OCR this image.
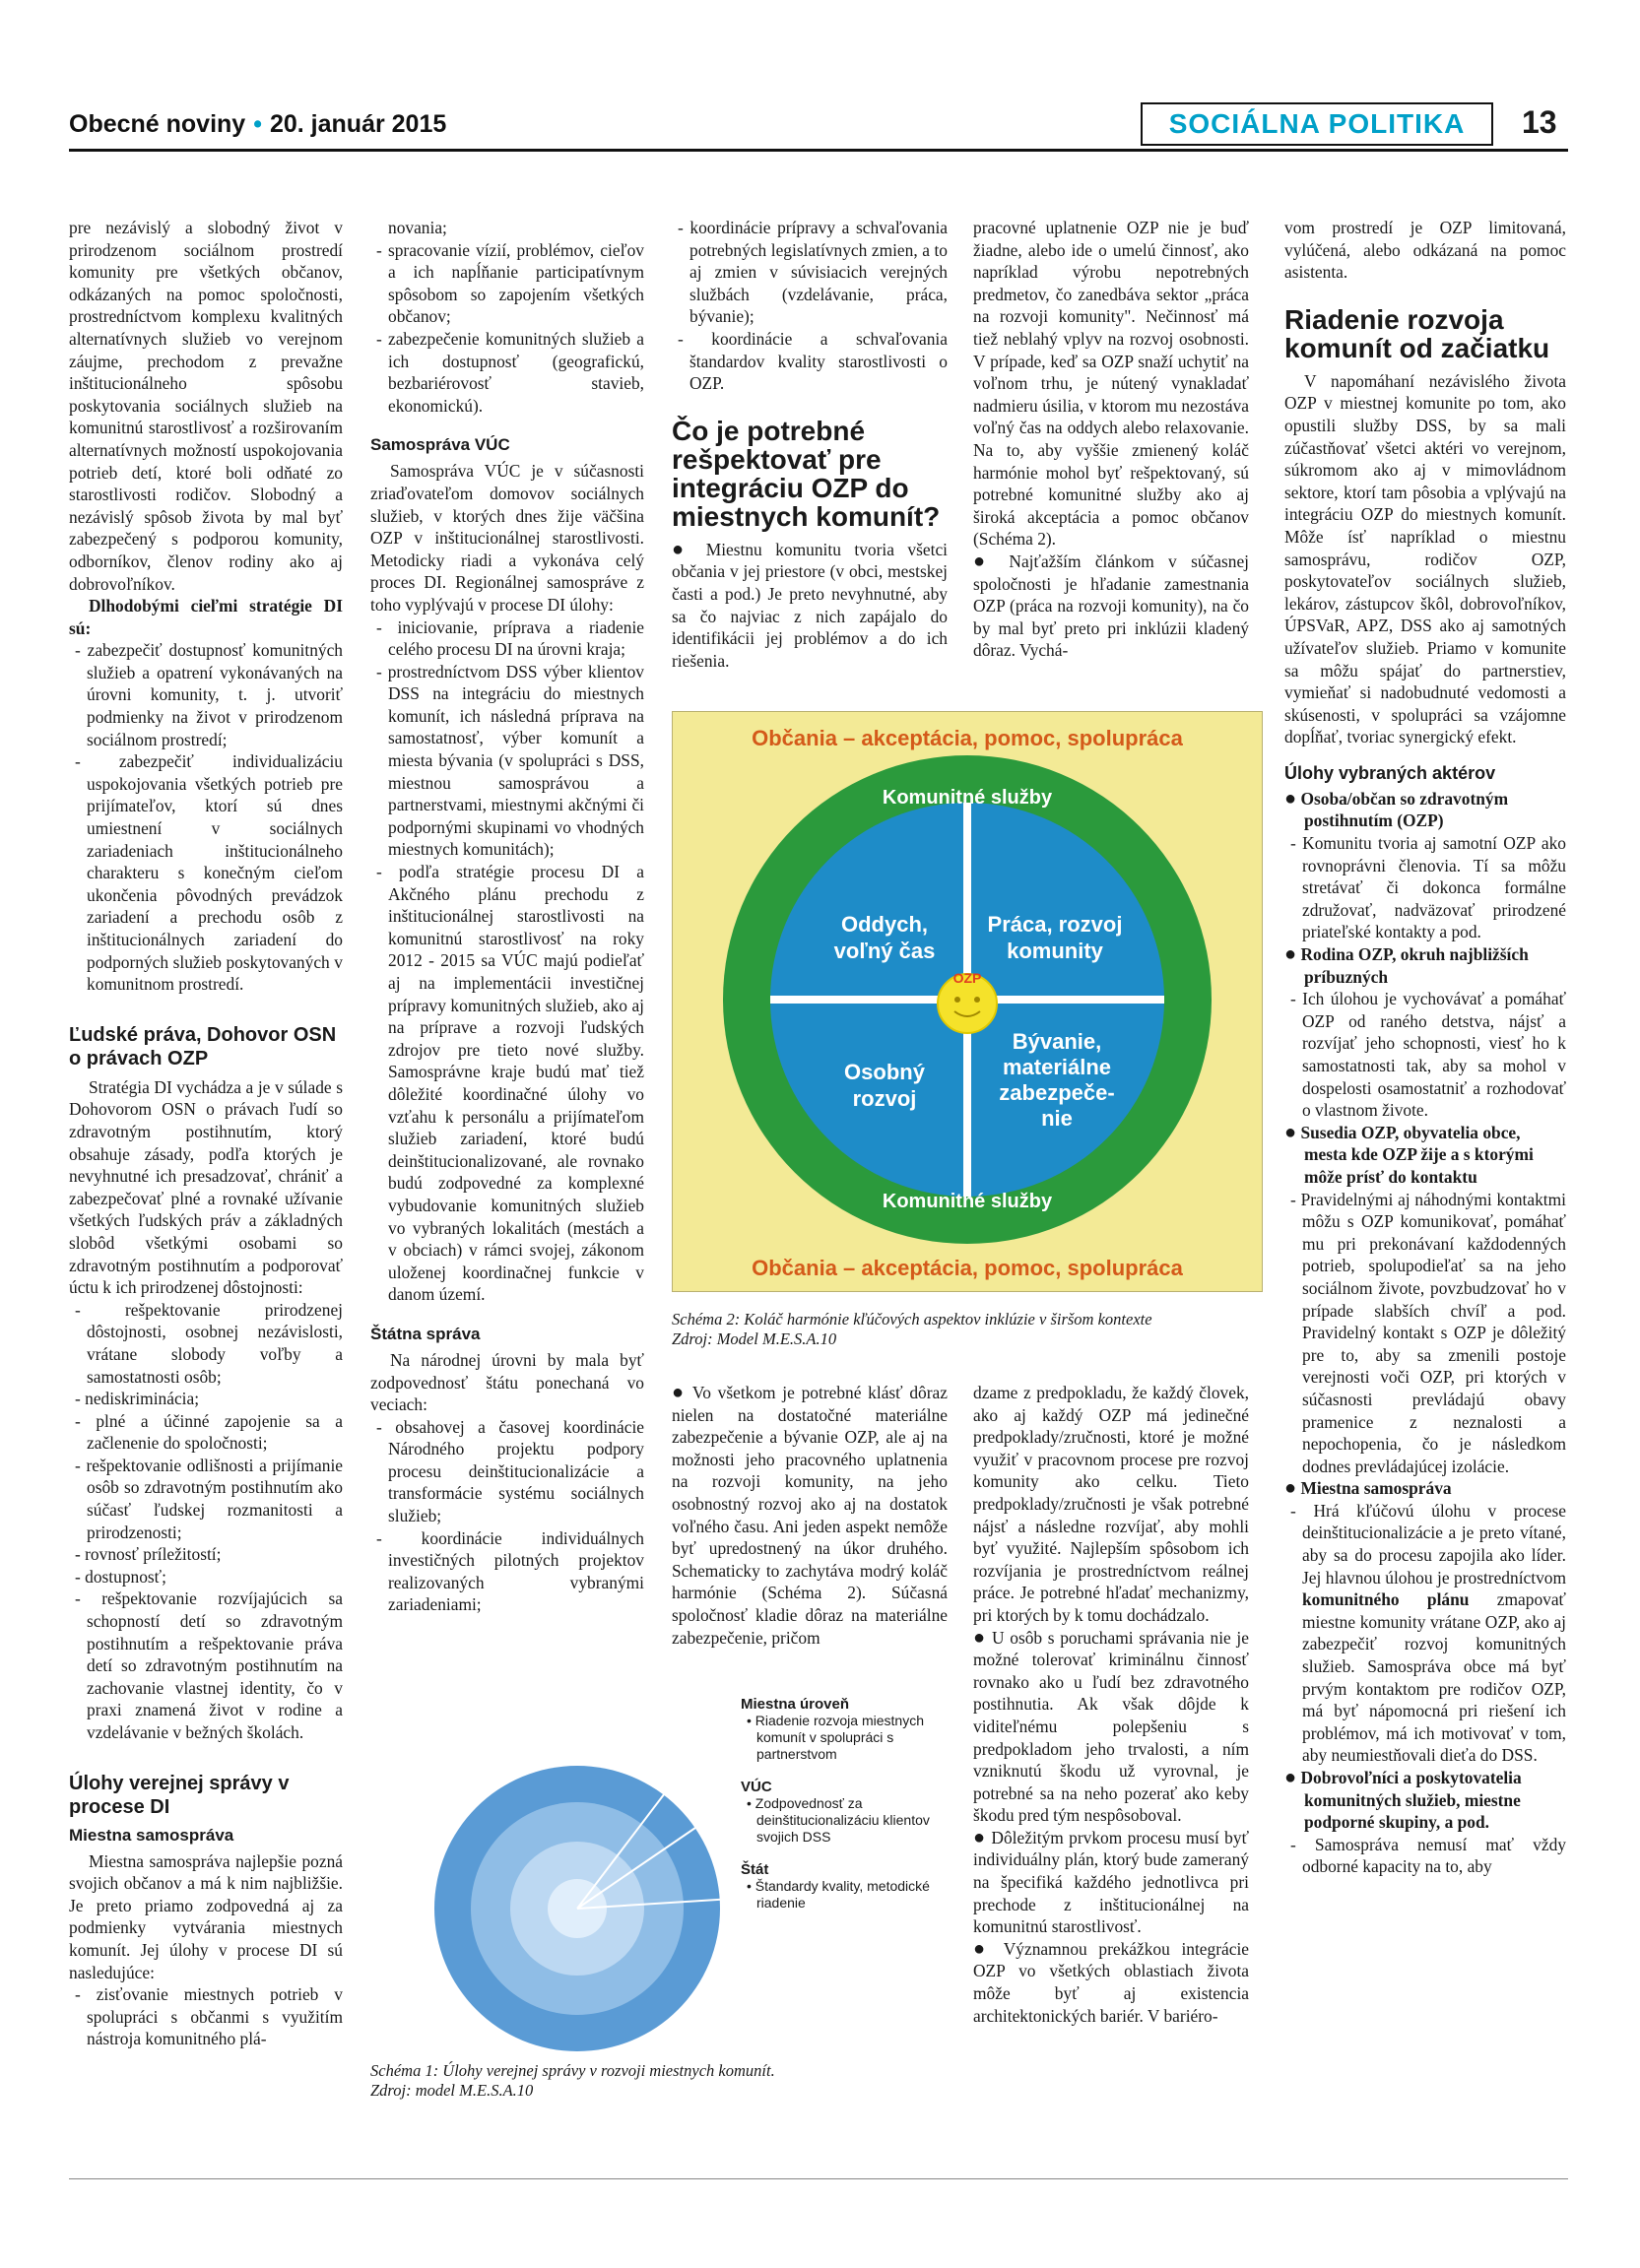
Obecné noviny • 20. január 2015	SOCIÁLNA POLITIKA	13

pre nezávislý a slobodný život v prirodzenom sociálnom prostredí komunity pre všetkých občanov, odkázaných na pomoc spoločnosti, prostredníctvom komplexu kvalitných alternatívnych služieb vo verejnom záujme, prechodom z prevažne inštitucionálneho spôsobu poskytovania sociálnych služieb na komunitnú starostlivosť a rozširovaním alternatívnych možností uspokojovania potrieb detí, ktoré boli odňaté zo starostlivosti rodičov. Slobodný a nezávislý spôsob života by mal byť zabezpečený s podporou komunity, odborníkov, členov rodiny ako aj dobrovoľníkov.

Dlhodobými cieľmi stratégie DI sú:

- zabezpečiť dostupnosť komunitných služieb a opatrení vykonávaných na úrovni komunity, t. j. utvoriť podmienky na život v prirodzenom sociálnom prostredí;
- zabezpečiť individualizáciu uspokojovania všetkých potrieb pre prijímateľov, ktorí sú dnes umiestnení v sociálnych zariadeniach inštitucionálneho charakteru s konečným cieľom ukončenia pôvodných prevádzok zariadení a prechodu osôb z inštitucionálnych zariadení do podporných služieb poskytovaných v komunitnom prostredí.
Ľudské práva, Dohovor OSN o právach OZP

Stratégia DI vychádza a je v súlade s Dohovorom OSN o právach ľudí so zdravotným postihnutím, ktorý obsahuje zásady, podľa ktorých je nevyhnutné ich presadzovať, chrániť a zabezpečovať plné a rovnaké užívanie všetkých ľudských práv a základných slobôd všetkými osobami so zdravotným postihnutím a podporovať úctu k ich prirodzenej dôstojnosti:

- rešpektovanie prirodzenej dôstojnosti, osobnej nezávislosti, vrátane slobody voľby a samostatnosti osôb;
- nediskriminácia;
- plné a účinné zapojenie sa a začlenenie do spoločnosti;
- rešpektovanie odlišnosti a prijímanie osôb so zdravotným postihnutím ako súčasť ľudskej rozmanitosti a prirodzenosti;
- rovnosť príležitostí;
- dostupnosť;
- rešpektovanie rozvíjajúcich sa schopností detí so zdravotným postihnutím a rešpektovanie práva detí so zdravotným postihnutím na zachovanie vlastnej identity, čo v praxi znamená život v rodine a vzdelávanie v bežných školách.
Úlohy verejnej správy v procese DI
Miestna samospráva

Miestna samospráva najlepšie pozná svojich občanov a má k nim najbližšie. Je preto priamo zodpovedná aj za podmienky vytvárania miestnych komunít. Jej úlohy v procese DI sú nasledujúce:

- zisťovanie miestnych potrieb v spolupráci s občanmi s využitím nástroja komunitného plá-
novania;
- spracovanie vízií, problémov, cieľov a ich napĺňanie participatívnym spôsobom so zapojením všetkých občanov;
- zabezpečenie komunitných služieb a ich dostupnosť (geografickú, bezbariérovosť stavieb, ekonomickú).
Samospráva VÚC

Samospráva VÚC je v súčasnosti zriaďovateľom domovov sociálnych služieb, v ktorých dnes žije väčšina OZP v inštitucionálnej starostlivosti. Metodicky riadi a vykonáva celý proces DI. Regionálnej samospráve z toho vyplývajú v procese DI úlohy:

- iniciovanie, príprava a riadenie celého procesu DI na úrovni kraja;
- prostredníctvom DSS výber klientov DSS na integráciu do miestnych komunít, ich následná príprava na samostatnosť, výber komunít a miesta bývania (v spolupráci s DSS, miestnou samosprávou a partnerstvami, miestnymi akčnými či podpornými skupinami vo vhodných miestnych komunitách);
- podľa stratégie procesu DI a Akčného plánu prechodu z inštitucionálnej starostlivosti na komunitnú starostlivosť na roky 2012 - 2015 sa VÚC majú podieľať aj na implementácii investičnej prípravy komunitných služieb, ako aj na príprave a rozvoji ľudských zdrojov pre tieto nové služby. Samosprávne kraje budú mať tiež dôležité koordinačné úlohy vo vzťahu k personálu a prijímateľom služieb zariadení, ktoré budú deinštitucionalizované, ale rovnako budú zodpovedné za komplexné vybudovanie komunitných služieb vo vybraných lokalitách (mestách a v obciach) v rámci svojej, zákonom uloženej koordinačnej funkcie v danom území.
Štátna správa

Na národnej úrovni by mala byť zodpovednosť štátu ponechaná vo veciach:

- obsahovej a časovej koordinácie Národného projektu podpory procesu deinštitucionalizácie a transformácie systému sociálnych služieb;
- koordinácie individuálnych investičných pilotných projektov realizovaných vybranými zariadeniami;
- koordinácie prípravy a schvaľovania potrebných legislatívnych zmien, a to aj zmien v súvisiacich verejných službách (vzdelávanie, práca, bývanie);
- koordinácie a schvaľovania štandardov kvality starostlivosti o OZP.
Čo je potrebné rešpektovať pre integráciu OZP do miestnych komunít?

● Miestnu komunitu tvoria všetci občania v jej priestore (v obci, mestskej časti a pod.) Je preto nevyhnutné, aby sa čo najviac z nich zapájalo do identifikácii jej problémov a do ich riešenia.

pracovné uplatnenie OZP nie je buď žiadne, alebo ide o umelú činnosť, ako napríklad výrobu nepotrebných predmetov, čo zanedbáva sektor „práca na rozvoji komunity". Nečinnosť má tiež neblahý vplyv na rozvoj osobnosti. V prípade, keď sa OZP snaží uchytiť na voľnom trhu, je nútený vynakladať nadmieru úsilia, v ktorom mu nezostáva voľný čas na oddych alebo relaxovanie. Na to, aby vyššie zmienený koláč harmónie mohol byť rešpektovaný, sú potrebné komunitné služby ako aj široká akceptácia a pomoc občanov (Schéma 2).

● Najťažším článkom v súčasnej spoločnosti je hľadanie zamestnania OZP (práca na rozvoji komunity), na čo by mal byť preto pri inklúzii kladený dôraz. Vychá-

Občania – akceptácia, pomoc, spolupráca
Komunitné služby
Komunitné služby
Oddych,
voľný čas
Práca, rozvoj
komunity
Osobný
rozvoj
Bývanie,
materiálne
zabezpeče-
nie
OZP
Občania – akceptácia, pomoc, spolupráca
Schéma 2: Koláč harmónie kľúčových aspektov inklúzie v širšom kontexte
Zdroj: Model M.E.S.A.10

● Vo všetkom je potrebné klásť dôraz nielen na dostatočné materiálne zabezpečenie a bývanie OZP, ale aj na možnosti jeho pracovného uplatnenia na rozvoji komunity, na jeho osobnostný rozvoj ako aj na dostatok voľného času. Ani jeden aspekt nemôže byť upredostnený na úkor druhého. Schematicky to zachytáva modrý koláč harmónie (Schéma 2). Súčasná spoločnosť kladie dôraz na materiálne zabezpečenie, pričom

dzame z predpokladu, že každý človek, ako aj každý OZP má jedinečné predpoklady/zručnosti, ktoré je možné využiť v pracovnom procese pre rozvoj komunity ako celku. Tieto predpoklady/zručnosti je však potrebné nájsť a následne rozvíjať, aby mohli byť využité. Najlepším spôsobom ich rozvíjania je prostredníctvom reálnej práce. Je potrebné hľadať mechanizmy, pri ktorých by k tomu dochádzalo.

● U osôb s poruchami správania nie je možné tolerovať kriminálnu činnosť rovnako ako u ľudí bez zdravotného postihnutia. Ak však dôjde k viditeľnému polepšeniu s predpokladom jeho trvalosti, a ním vzniknutú škodu už vyrovnal, je potrebné sa na neho pozerať ako keby škodu pred tým nespôsoboval.

● Dôležitým prvkom procesu musí byť individuálny plán, ktorý bude zameraný na špecifiká každého jednotlivca pri prechode z inštitucionálnej na komunitnú starostlivosť.

● Významnou prekážkou integrácie OZP vo všetkých oblastiach života môže byť aj existencia architektonických bariér. V bariéro-

Miestna úroveň
• Riadenie rozvoja miestnych
komunít v spolupráci s
partnerstvom
VÚC
• Zodpovednosť za
deinštitucionalizáciu klientov
svojich DSS
Štát
• Štandardy kvality, metodické
riadenie
Schéma 1: Úlohy verejnej správy v rozvoji miestnych komunít.
Zdroj: model M.E.S.A.10

vom prostredí je OZP limitovaná, vylúčená, alebo odkázaná na pomoc asistenta.

Riadenie rozvoja komunít od začiatku

V napomáhaní nezávislého života OZP v miestnej komunite po tom, ako opustili služby DSS, by sa mali zúčastňovať všetci aktéri vo verejnom, súkromom ako aj v mimovládnom sektore, ktorí tam pôsobia a vplývajú na integráciu OZP do miestnych komunít. Môže ísť napríklad o miestnu samosprávu, rodičov OZP, poskytovateľov sociálnych služieb, lekárov, zástupcov škôl, dobrovoľníkov, ÚPSVaR, APZ, DSS ako aj samotných užívateľov služieb. Priamo v komunite sa môžu spájať do partnerstiev, vymieňať si nadobudnuté vedomosti a skúsenosti, v spolupráci sa vzájomne dopĺňať, tvoriac synergický efekt.

Úlohy vybraných aktérov

● Osoba/občan so zdravotným postihnutím (OZP)

- Komunitu tvoria aj samotní OZP ako rovnoprávni členovia. Tí sa môžu stretávať či dokonca formálne združovať, nadväzovať prirodzené priateľské kontakty a pod.

● Rodina OZP, okruh najbližších príbuzných

- Ich úlohou je vychovávať a pomáhať OZP od raného detstva, nájsť a rozvíjať jeho schopnosti, viesť ho k samostatnosti tak, aby sa mohol v dospelosti osamostatniť a rozhodovať o vlastnom živote.

● Susedia OZP, obyvatelia obce, mesta kde OZP žije a s ktorými môže prísť do kontaktu

- Pravidelnými aj náhodnými kontaktmi môžu s OZP komunikovať, pomáhať mu pri prekonávaní každodenných potrieb, spolupodieľať sa na jeho sociálnom živote, povzbudzovať ho v prípade slabších chvíľ a pod. Pravidelný kontakt s OZP je dôležitý pre to, aby sa zmenili postoje verejnosti voči OZP, pri ktorých v súčasnosti prevládajú obavy pramenice z neznalosti a nepochopenia, čo je následkom dodnes prevládajúcej izolácie.

● Miestna samospráva

- Hrá kľúčovú úlohu v procese deinštitucionalizácie a je preto vítané, aby sa do procesu zapojila ako líder. Jej hlavnou úlohou je prostredníctvom komunitného plánu zmapovať miestne komunity vrátane OZP, ako aj zabezpečiť rozvoj komunitných služieb. Samospráva obce má byť prvým kontaktom pre rodičov OZP, má byť nápomocná pri riešení ich problémov, má ich motivovať v tom, aby neumiestňovali dieťa do DSS.

● Dobrovoľníci a poskytovatelia komunitných služieb, miestne podporné skupiny, a pod.

- Samospráva nemusí mať vždy odborné kapacity na to, aby
